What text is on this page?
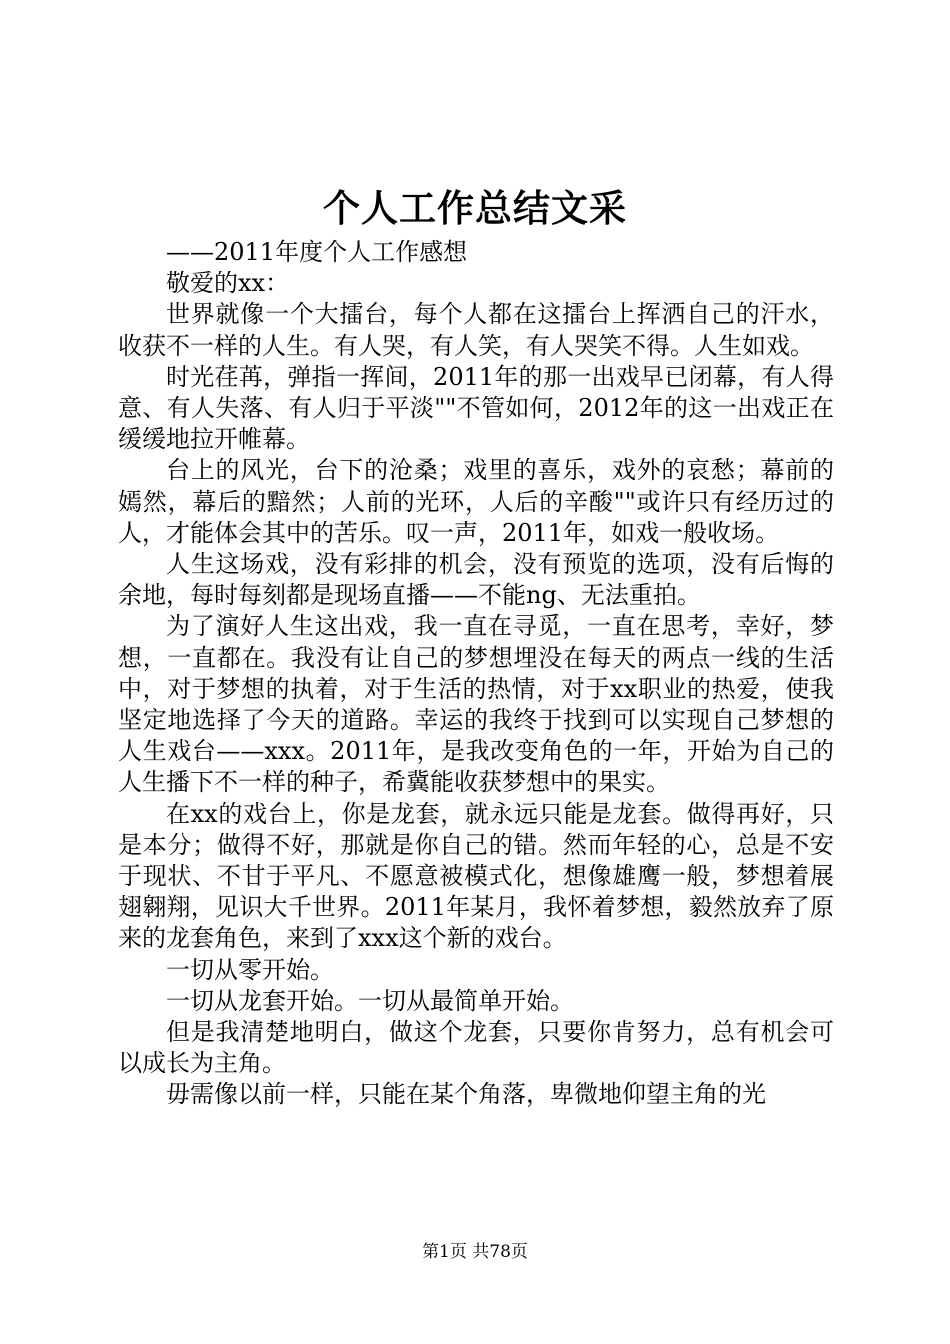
个人工作总结文采

——2011年度个人工作感想

敬爱的xx：

世界就像一个大擂台，每个人都在这擂台上挥洒自己的汗水，收获不一样的人生。有人哭，有人笑，有人哭笑不得。人生如戏。

时光荏苒，弹指一挥间，2011年的那一出戏早已闭幕，有人得意、有人失落、有人归于平淡""不管如何，2012年的这一出戏正在缓缓地拉开帷幕。

台上的风光，台下的沧桑；戏里的喜乐，戏外的哀愁；幕前的嫣然，幕后的黯然；人前的光环，人后的辛酸""或许只有经历过的人，才能体会其中的苦乐。叹一声，2011年，如戏一般收场。

人生这场戏，没有彩排的机会，没有预览的选项，没有后悔的余地，每时每刻都是现场直播——不能ng、无法重拍。

为了演好人生这出戏，我一直在寻觅，一直在思考，幸好，梦想，一直都在。我没有让自己的梦想埋没在每天的两点一线的生活中，对于梦想的执着，对于生活的热情，对于xx职业的热爱，使我坚定地选择了今天的道路。幸运的我终于找到可以实现自己梦想的人生戏台——xxx。2011年，是我改变角色的一年，开始为自己的人生播下不一样的种子，希冀能收获梦想中的果实。

在xx的戏台上，你是龙套，就永远只能是龙套。做得再好，只是本分；做得不好，那就是你自己的错。然而年轻的心，总是不安于现状、不甘于平凡、不愿意被模式化，想像雄鹰一般，梦想着展翅翱翔，见识大千世界。2011年某月，我怀着梦想，毅然放弃了原来的龙套角色，来到了xxx这个新的戏台。

一切从零开始。

一切从龙套开始。一切从最简单开始。

但是我清楚地明白，做这个龙套，只要你肯努力，总有机会可以成长为主角。

毋需像以前一样，只能在某个角落，卑微地仰望主角的光

第1页 共78页
